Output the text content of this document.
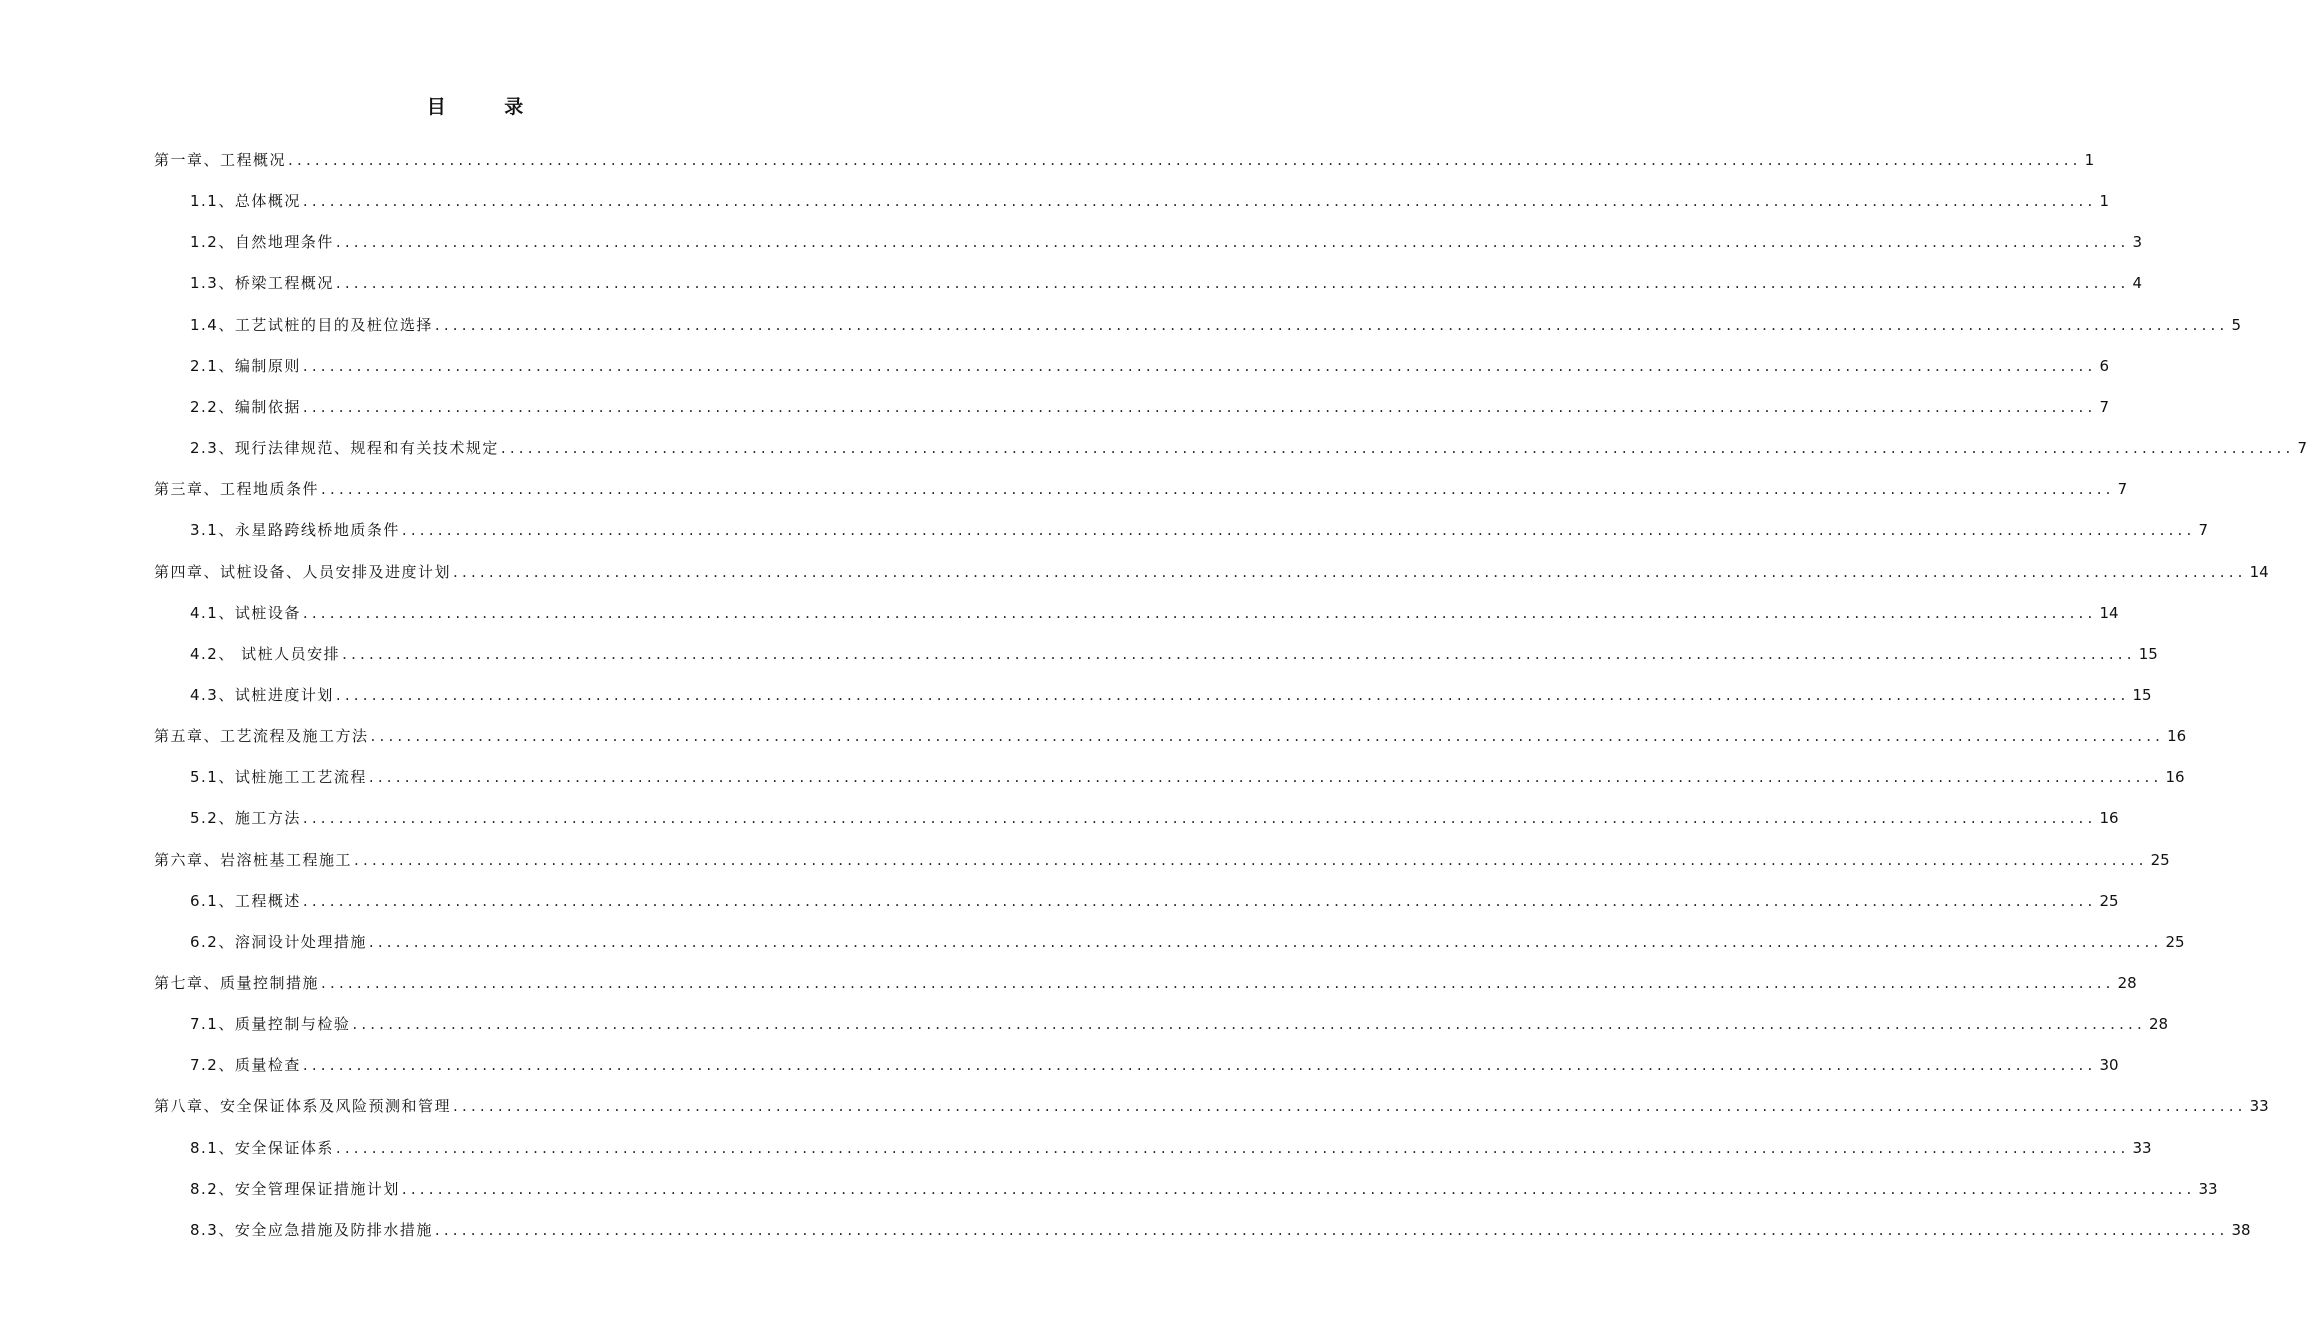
目 录
第一章、工程概况 ........................................................................................................................................................................................................ 1
1.1、总体概况 ........................................................................................................................................................................................................ 1
1.2、自然地理条件 ........................................................................................................................................................................................................ 3
1.3、桥梁工程概况 ........................................................................................................................................................................................................ 4
1.4、工艺试桩的目的及桩位选择 ........................................................................................................................................................................................................ 5
2.1、编制原则 ........................................................................................................................................................................................................ 6
2.2、编制依据 ........................................................................................................................................................................................................ 7
2.3、现行法律规范、规程和有关技术规定 ........................................................................................................................................................................................................ 7
第三章、工程地质条件 ........................................................................................................................................................................................................ 7
3.1、永星路跨线桥地质条件 ........................................................................................................................................................................................................ 7
第四章、试桩设备、人员安排及进度计划 ........................................................................................................................................................................................................ 14
4.1、试桩设备 ........................................................................................................................................................................................................ 14
4.2、 试桩人员安排 ........................................................................................................................................................................................................ 15
4.3、试桩进度计划 ........................................................................................................................................................................................................ 15
第五章、工艺流程及施工方法 ........................................................................................................................................................................................................ 16
5.1、试桩施工工艺流程 ........................................................................................................................................................................................................ 16
5.2、施工方法 ........................................................................................................................................................................................................ 16
第六章、岩溶桩基工程施工 ........................................................................................................................................................................................................ 25
6.1、工程概述 ........................................................................................................................................................................................................ 25
6.2、溶洞设计处理措施 ........................................................................................................................................................................................................ 25
第七章、质量控制措施 ........................................................................................................................................................................................................ 28
7.1、质量控制与检验 ........................................................................................................................................................................................................ 28
7.2、质量检查 ........................................................................................................................................................................................................ 30
第八章、安全保证体系及风险预测和管理 ........................................................................................................................................................................................................ 33
8.1、安全保证体系 ........................................................................................................................................................................................................ 33
8.2、安全管理保证措施计划 ........................................................................................................................................................................................................ 33
8.3、安全应急措施及防排水措施 ........................................................................................................................................................................................................ 38
